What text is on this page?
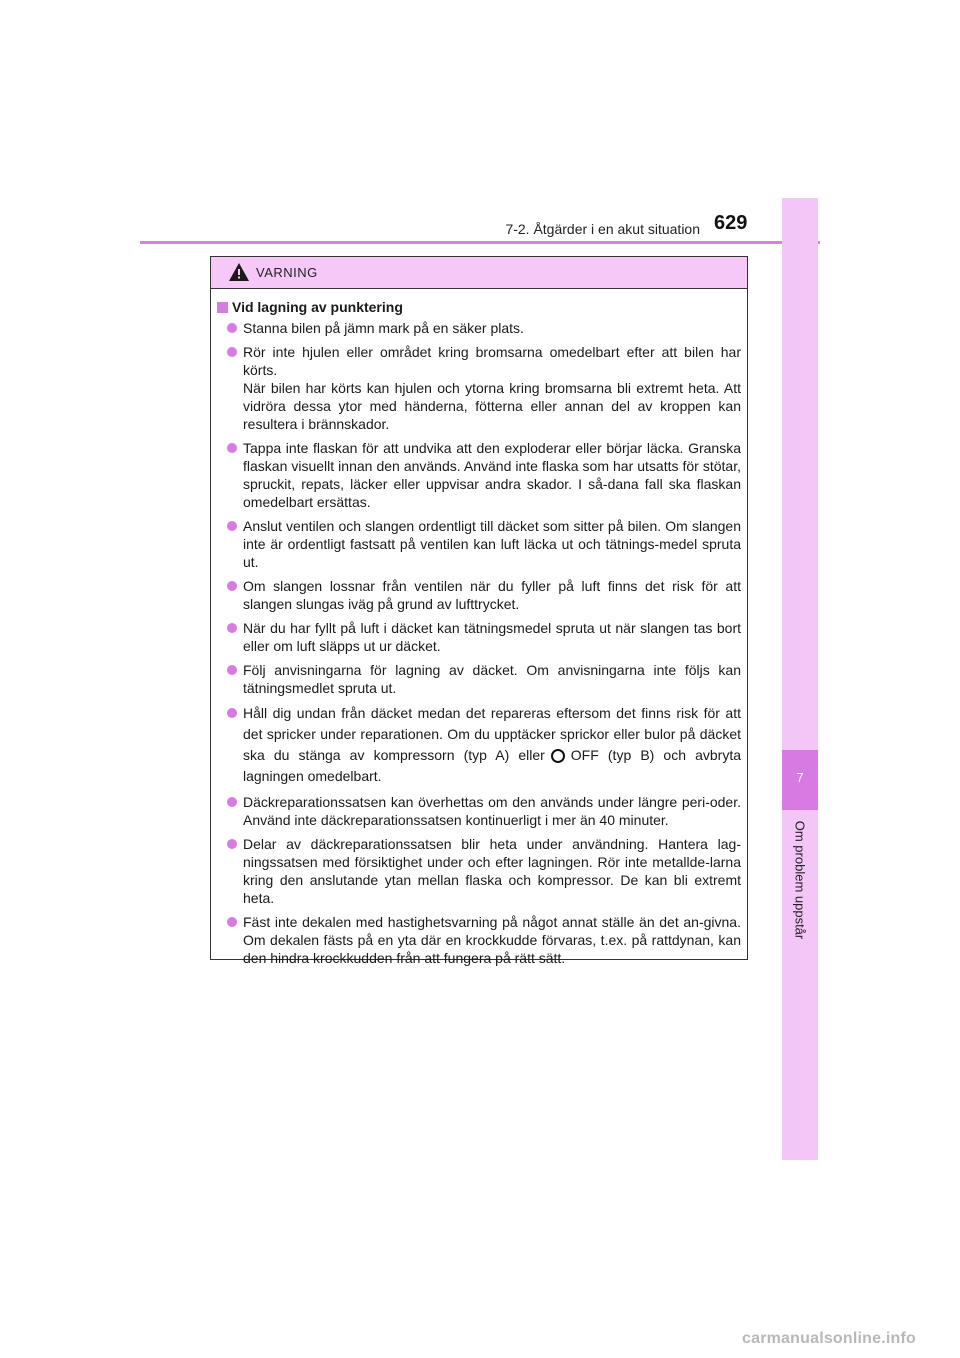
7-2. Åtgärder i en akut situation 629
7
Om problem uppstår
VARNING
Vid lagning av punktering
Stanna bilen på jämn mark på en säker plats.
Rör inte hjulen eller området kring bromsarna omedelbart efter att bilen har körts.
När bilen har körts kan hjulen och ytorna kring bromsarna bli extremt heta. Att vidröra dessa ytor med händerna, fötterna eller annan del av kroppen kan resultera i brännskador.
Tappa inte flaskan för att undvika att den exploderar eller börjar läcka. Granska flaskan visuellt innan den används. Använd inte flaska som har utsatts för stötar, spruckit, repats, läcker eller uppvisar andra skador. I så-dana fall ska flaskan omedelbart ersättas.
Anslut ventilen och slangen ordentligt till däcket som sitter på bilen. Om slangen inte är ordentligt fastsatt på ventilen kan luft läcka ut och tätnings-medel spruta ut.
Om slangen lossnar från ventilen när du fyller på luft finns det risk för att slangen slungas iväg på grund av lufttrycket.
När du har fyllt på luft i däcket kan tätningsmedel spruta ut när slangen tas bort eller om luft släpps ut ur däcket.
Följ anvisningarna för lagning av däcket. Om anvisningarna inte följs kan tätningsmedlet spruta ut.
Håll dig undan från däcket medan det repareras eftersom det finns risk för att det spricker under reparationen. Om du upptäcker sprickor eller bulor på däcket ska du stänga av kompressorn (typ A) eller OFF (typ B) och avbryta lagningen omedelbart.
Däckreparationssatsen kan överhettas om den används under längre peri-oder. Använd inte däckreparationssatsen kontinuerligt i mer än 40 minuter.
Delar av däckreparationssatsen blir heta under användning. Hantera lag-ningssatsen med försiktighet under och efter lagningen. Rör inte metallde-larna kring den anslutande ytan mellan flaska och kompressor. De kan bli extremt heta.
Fäst inte dekalen med hastighetsvarning på något annat ställe än det an-givna. Om dekalen fästs på en yta där en krockkudde förvaras, t.ex. på rattdynan, kan den hindra krockkudden från att fungera på rätt sätt.
carmanualsonline.info
